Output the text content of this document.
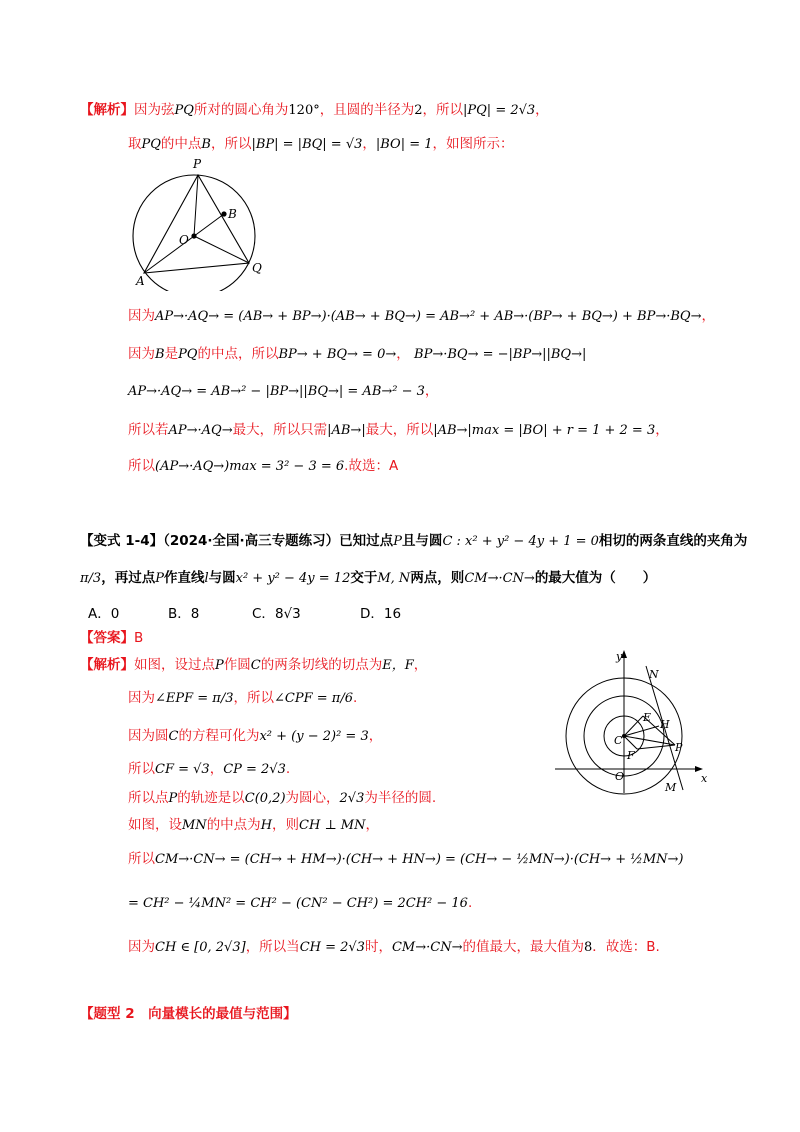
【解析】因为弦PQ所对的圆心角为120°，且圆的半径为2，所以|PQ| = 2√3，
取PQ的中点B，所以|BP| = |BQ| = √3，|BO| = 1，如图所示：
P
B
O
A
Q
因为AP→·AQ→ = (AB→ + BP→)·(AB→ + BQ→) = AB→² + AB→·(BP→ + BQ→) + BP→·BQ→，
因为B是PQ的中点，所以BP→ + BQ→ = 0→， BP→·BQ→ = −|BP→||BQ→|
AP→·AQ→ = AB→² − |BP→||BQ→| = AB→² − 3，
所以若AP→·AQ→最大，所以只需|AB→|最大，所以|AB→|max = |BO| + r = 1 + 2 = 3，
所以(AP→·AQ→)max = 3² − 3 = 6.故选：A
【变式 1-4】（2024·全国·高三专题练习）已知过点P且与圆C : x² + y² − 4y + 1 = 0相切的两条直线的夹角为
π/3，再过点P作直线l与圆x² + y² − 4y = 12交于M, N两点，则CM→·CN→的最大值为（　　）
A．0	B．8	C．8√3	D．16
【答案】B
【解析】如图，设过点P作圆C的两条切线的切点为E，F，
因为∠EPF = π/3，所以∠CPF = π/6.
因为圆C的方程可化为x² + (y − 2)² = 3，
所以CF = √3，CP = 2√3.
所以点P的轨迹是以C(0,2)为圆心，2√3为半径的圆.
如图，设MN的中点为H，则CH ⊥ MN，
所以CM→·CN→ = (CH→ + HM→)·(CH→ + HN→) = (CH→ − ½MN→)·(CH→ + ½MN→)
= CH² − ¼MN² = CH² − (CN² − CH²) = 2CH² − 16.
因为CH ∈ [0, 2√3]，所以当CH = 2√3时，CM→·CN→的值最大，最大值为8．故选：B.
y
x
N
E
H
C
F
P
O
M
【题型 2　向量模长的最值与范围】
